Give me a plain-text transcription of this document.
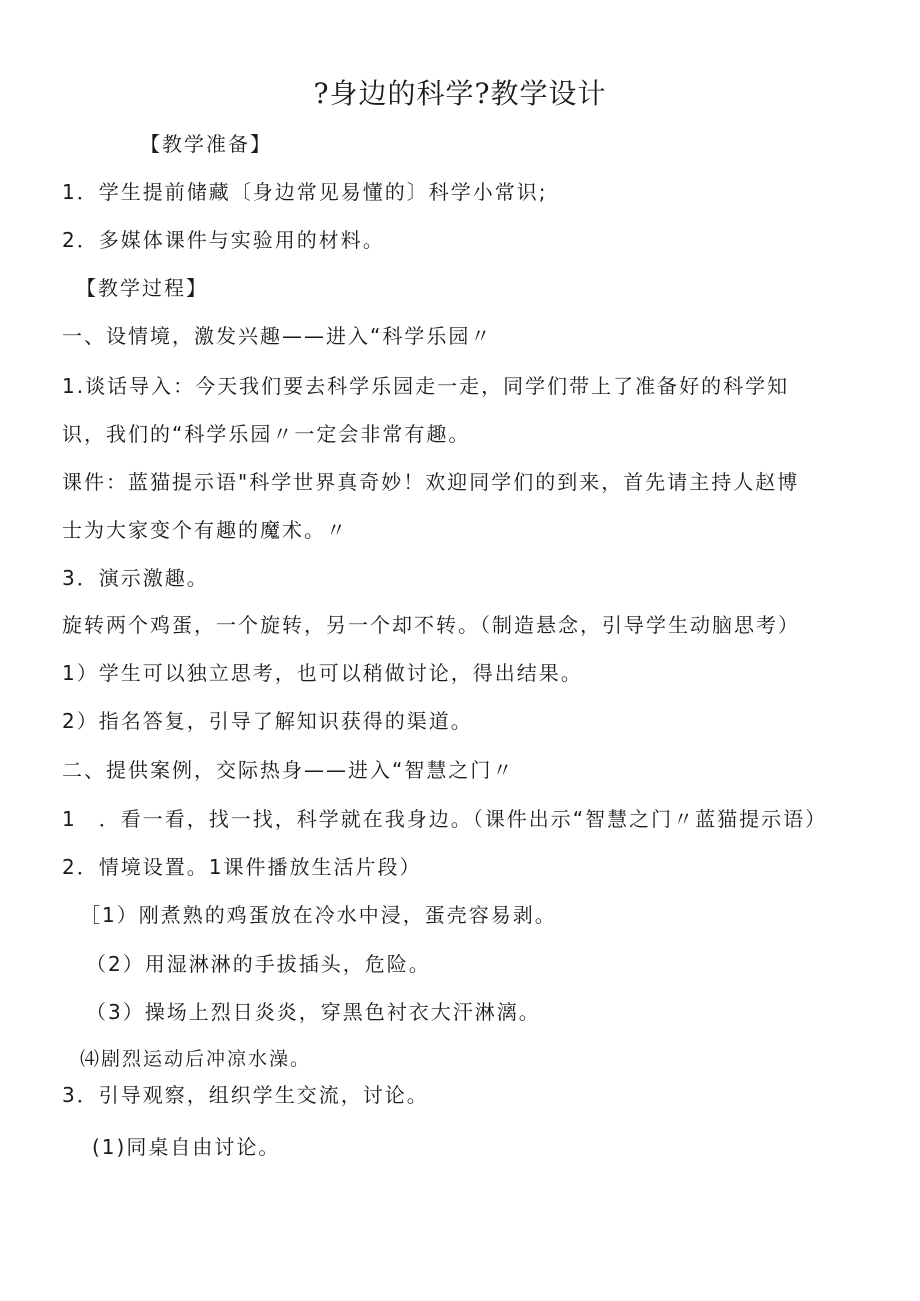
?身边的科学?教学设计
【教学准备】
1．学生提前储藏〔身边常见易懂的〕科学小常识;
2．多媒体课件与实验用的材料。
【教学过程】
一、设情境，激发兴趣——进入“科学乐园〃
1.谈话导入：今天我们要去科学乐园走一走，同学们带上了准备好的科学知
识，我们的“科学乐园〃一定会非常有趣。
课件：蓝猫提示语"科学世界真奇妙！欢迎同学们的到来，首先请主持人赵博
士为大家变个有趣的魔术。〃
3．演示激趣。
旋转两个鸡蛋，一个旋转，另一个却不转。（制造悬念，引导学生动脑思考）
1）学生可以独立思考，也可以稍做讨论，得出结果。
2）指名答复，引导了解知识获得的渠道。
二、提供案例，交际热身——进入“智慧之门〃
1　．看一看，找一找，科学就在我身边。（课件出示“智慧之门〃蓝猫提示语）
2．情境设置。1课件播放生活片段）
［1）刚煮熟的鸡蛋放在冷水中浸，蛋壳容易剥。
（2）用湿淋淋的手拔插头，危险。
（3）操场上烈日炎炎，穿黑色衬衣大汗淋漓。
⑷剧烈运动后冲凉水澡。
3．引导观察，组织学生交流，讨论。
(1)同桌自由讨论。
